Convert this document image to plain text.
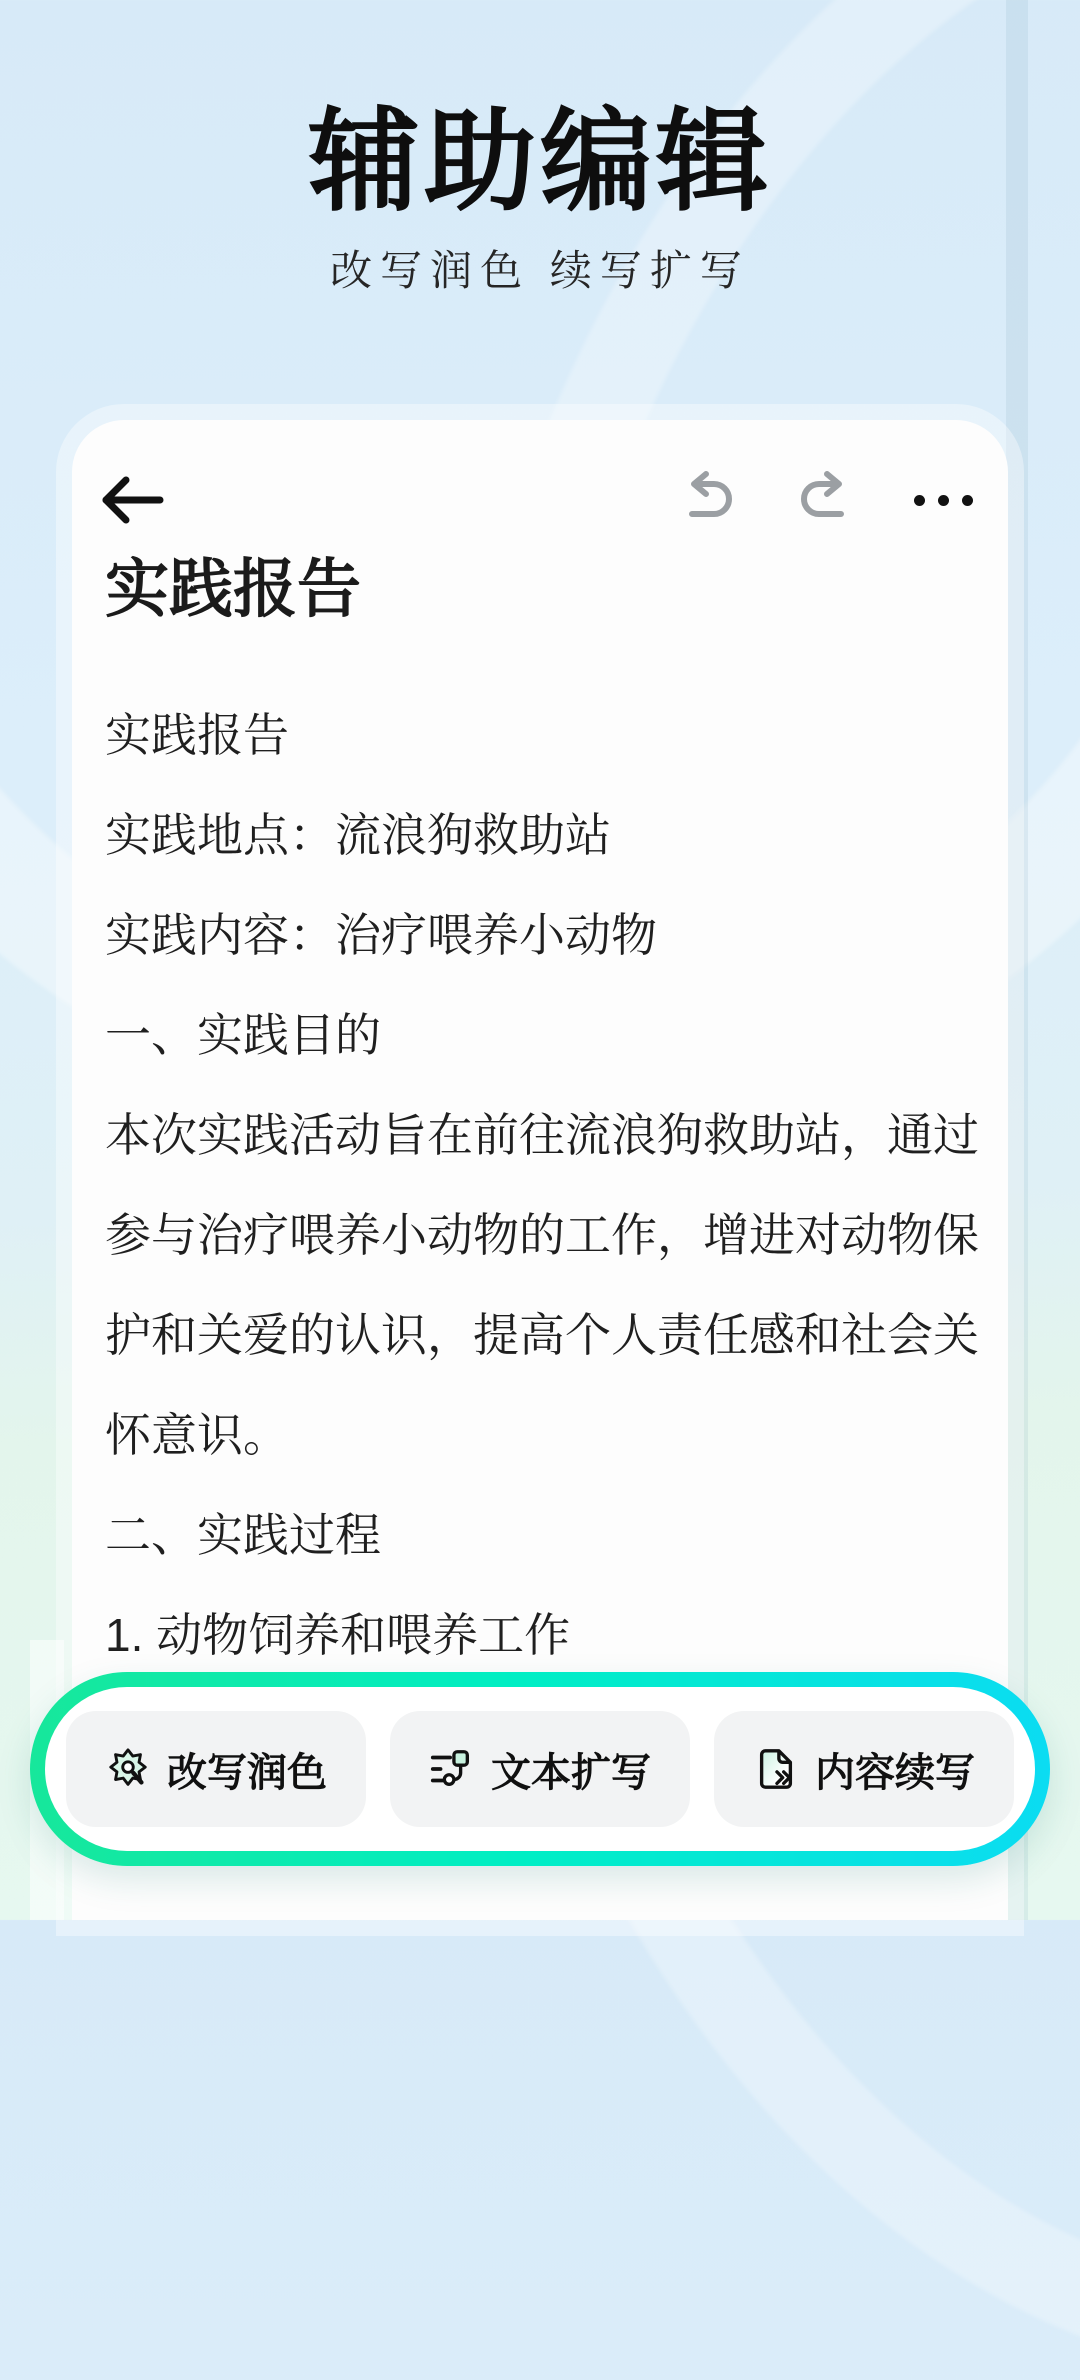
辅助编辑
改写润色 续写扩写
实践报告
实践报告
实践地点：流浪狗救助站
实践内容：治疗喂养小动物
一、实践目的
本次实践活动旨在前往流浪狗救助站，通过
参与治疗喂养小动物的工作，增进对动物保
护和关爱的认识，提高个人责任感和社会关
怀意识。
二、实践过程
1. 动物饲养和喂养工作
改写润色	文本扩写	内容续写
